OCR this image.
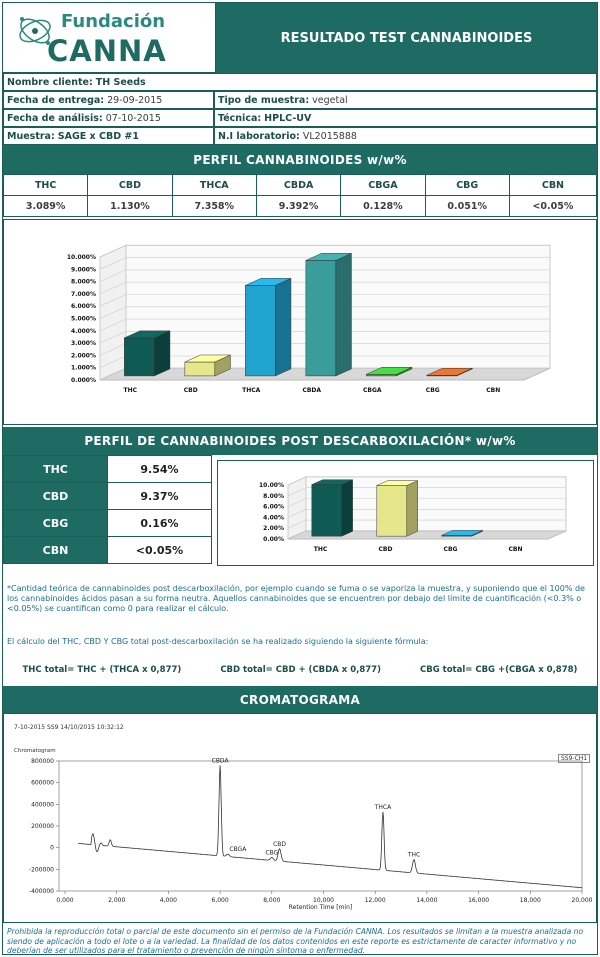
Fundación
CANNA	RESULTADO TEST CANNABINOIDES
Nombre cliente: TH Seeds
Fecha de entrega: 29-09-2015	Tipo de muestra: vegetal
Fecha de análisis: 07-10-2015	Técnica: HPLC-UV
Muestra: SAGE x CBD #1	N.I laboratorio: VL2015888
PERFIL CANNABINOIDES w/w%
THC	CBD	THCA	CBDA	CBGA	CBG	CBN
3.089%	1.130%	7.358%	9.392%	0.128%	0.051%	<0.05%
10.000%
9.000%
8.000%
7.000%
6.000%
5.000%
4.000%
3.000%
2.000%
1.000%
0.000%
THC	CBD	THCA	CBDA	CBGA	CBG	CBN
PERFIL DE CANNABINOIDES POST DESCARBOXILACIÓN* w/w%
THC	9.54%
CBD	9.37%
CBG	0.16%
CBN	<0.05%
10.00%
8.00%
6.00%
4.00%
2.00%
0.00%
THC	CBD	CBG	CBN
*Cantidad teórica de cannabinoides post descarboxilación, por ejemplo cuando se fuma o se vaporiza la muestra, y suponiendo que el 100% de los cannabinoides ácidos pasan a su forma neutra. Aquellos cannabinoides que se encuentren por debajo del límite de cuantificación (<0.3% o <0.05%) se cuantifican como 0 para realizar el cálculo.
El cálculo del THC, CBD Y CBG total post-descarboxilación se ha realizado siguiendo la siguiente fórmula:
THC total= THC + (THCA x 0,877)	CBD total= CBD + (CBDA x 0,877)	CBG total= CBG +(CBGA x 0,878)
CROMATOGRAMA
7-10-2015 SS9 14/10/2015 10:32:12
Chromatogram
SS9-CH1
800000
600000
400000
200000
0
-200000
-400000
0,000	2,000	4,000	6,000	8,000	10,000	12,000	14,000	16,000	18,000	20,000
Retention Time [min]
CBDA
CBGA	CBG
CBD
THCA
THC
Prohibida la reproducción total o parcial de este documento sin el permiso de la Fundación CANNA. Los resultados se limitan a la muestra analizada no siendo de aplicación a todo el lote o a la variedad. La finalidad de los datos contenidos en este reporte es estrictamente de caracter informativo y no deberían de ser utilizados para el tratamiento o prevención de ningún síntoma o enfermedad.
